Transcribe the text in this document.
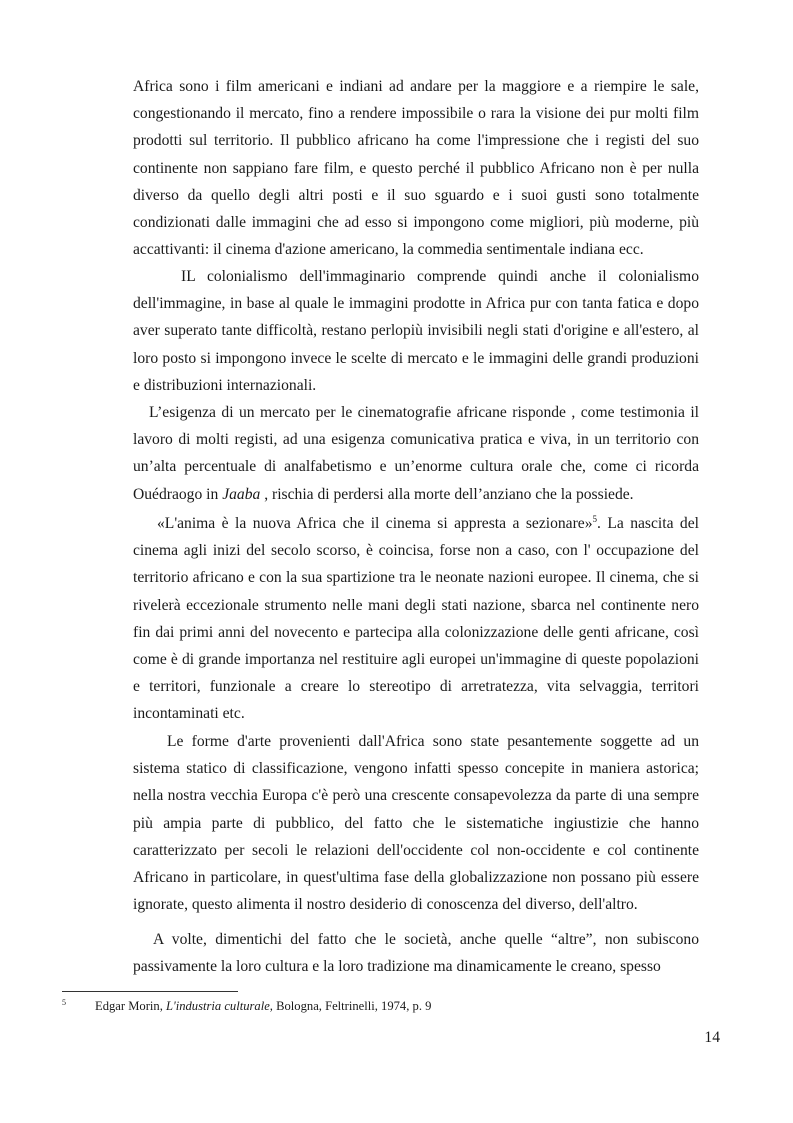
Africa sono i film americani e indiani ad andare per la maggiore e a riempire le sale, congestionando il mercato, fino a rendere impossibile o rara la visione dei pur molti film prodotti sul territorio. Il pubblico africano ha come l'impressione che i registi del suo continente non sappiano fare film, e questo perché il pubblico Africano non è per nulla diverso da quello degli altri posti e il suo sguardo e i suoi gusti sono totalmente condizionati dalle immagini che ad esso si impongono come migliori, più moderne, più accattivanti: il cinema d'azione americano, la commedia sentimentale indiana ecc.

IL colonialismo dell'immaginario comprende quindi anche il colonialismo dell'immagine, in base al quale le immagini prodotte in Africa pur con tanta fatica e dopo aver superato tante difficoltà, restano perlopiù invisibili negli stati d'origine e all'estero, al loro posto si impongono invece le scelte di mercato e le immagini delle grandi produzioni e distribuzioni internazionali.

L’esigenza di un mercato per le cinematografie africane risponde , come testimonia il lavoro di molti registi, ad una esigenza comunicativa pratica e viva, in un territorio con un’alta percentuale di analfabetismo e un’enorme cultura orale che, come ci ricorda Ouédraogo in Jaaba , rischia di perdersi alla morte dell’anziano che la possiede.

«L'anima è la nuova Africa che il cinema si appresta a sezionare»$^5$. La nascita del cinema agli inizi del secolo scorso, è coincisa, forse non a caso, con l' occupazione del territorio africano e con la sua spartizione tra le neonate nazioni europee. Il cinema, che si rivelerà eccezionale strumento nelle mani degli stati nazione, sbarca nel continente nero fin dai primi anni del novecento e partecipa alla colonizzazione delle genti africane, così come è di grande importanza nel restituire agli europei un'immagine di queste popolazioni e territori, funzionale a creare lo stereotipo di arretratezza, vita selvaggia, territori incontaminati etc.

Le forme d'arte provenienti dall'Africa sono state pesantemente soggette ad un sistema statico di classificazione, vengono infatti spesso concepite in maniera astorica; nella nostra vecchia Europa c'è però una crescente consapevolezza da parte di una sempre più ampia parte di pubblico, del fatto che le sistematiche ingiustizie che hanno caratterizzato per secoli le relazioni dell'occidente col non-occidente e col continente Africano in particolare, in quest'ultima fase della globalizzazione non possano più essere ignorate, questo alimenta il nostro desiderio di conoscenza del diverso, dell'altro.

A volte, dimentichi del fatto che le società, anche quelle “altre”, non subiscono passivamente la loro cultura e la loro tradizione ma dinamicamente le creano, spesso

5 Edgar Morin, L'industria culturale, Bologna, Feltrinelli, 1974, p. 9
14
